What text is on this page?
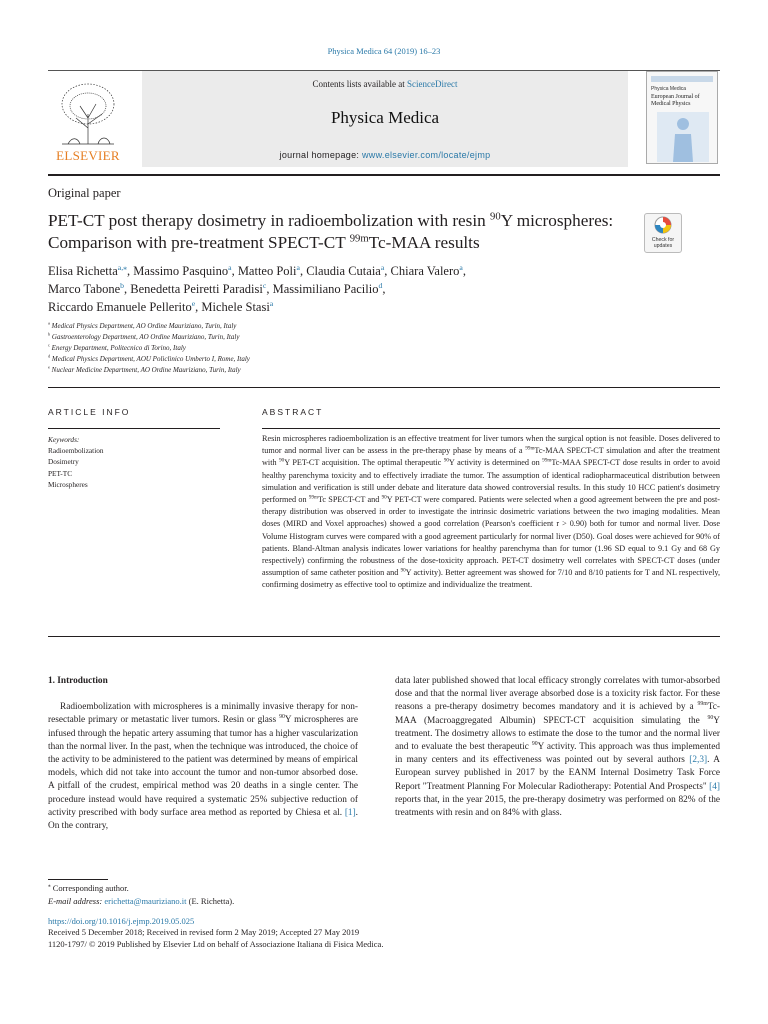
Physica Medica 64 (2019) 16–23
ELSEVIER
Contents lists available at ScienceDirect
Physica Medica
journal homepage: www.elsevier.com/locate/ejmp
Physica Medica
European Journal of Medical Physics
Original paper
PET-CT post therapy dosimetry in radioembolization with resin $^{90}$Y microspheres: Comparison with pre-treatment SPECT-CT $^{99m}$Tc-MAA results	Check for updates
Elisa Richetta$^{a,⁎}$, Massimo Pasquino$^a$, Matteo Poli$^a$, Claudia Cutaia$^a$, Chiara Valero$^a$,
Marco Tabone$^b$, Benedetta Peiretti Paradisi$^c$, Massimiliano Pacilio$^d$,
Riccardo Emanuele Pellerito$^e$, Michele Stasi$^a$
$^a$ Medical Physics Department, AO Ordine Mauriziano, Turin, Italy
$^b$ Gastroenterology Department, AO Ordine Mauriziano, Turin, Italy
$^c$ Energy Department, Politecnico di Torino, Italy
$^d$ Medical Physics Department, AOU Policlinico Umberto I, Rome, Italy
$^e$ Nuclear Medicine Department, AO Ordine Mauriziano, Turin, Italy
ARTICLE INFO	ABSTRACT
Keywords:
Radioembolization
Dosimetry
PET-TC
Microspheres
Resin microspheres radioembolization is an effective treatment for liver tumors when the surgical option is not feasible. Doses delivered to tumor and normal liver can be assess in the pre-therapy phase by means of a $^{99m}$Tc-MAA SPECT-CT simulation and after the treatment with $^{90}$Y PET-CT acquisition. The optimal therapeutic $^{90}$Y activity is determined on $^{99m}$Tc-MAA SPECT-CT dose results in order to avoid healthy parenchyma toxicity and to effectively irradiate the tumor. The assumption of identical radiopharmaceutical distribution between simulation and verification is still under debate and literature data showed controversial results. In this study 10 HCC patient's dosimetry performed on $^{99m}$Tc SPECT-CT and $^{90}$Y PET-CT were compared. Patients were selected when a good agreement between the pre and post-therapy distribution was observed in order to investigate the intrinsic dosimetric variations between the two imaging modalities. Mean doses (MIRD and Voxel approaches) showed a good correlation (Pearson's coefficient r > 0.90) both for tumor and normal liver. Dose Volume Histogram curves were compared with a good agreement particularly for normal liver (D50). Goal doses were achieved for 90% of patients. Bland-Altman analysis indicates lower variations for healthy parenchyma than for tumor (1.96 SD equal to 9.1 Gy and 68 Gy respectively) confirming the robustness of the dose-toxicity approach. PET-CT dosimetry well correlates with SPECT-CT doses (under assumption of same catheter position and $^{90}$Y activity). Better agreement was showed for 7/10 and 8/10 patients for T and NL respectively, confirming dosimetry as effective tool to optimize and individualize the treatment.
1. Introduction

Radioembolization with microspheres is a minimally invasive therapy for non-resectable primary or metastatic liver tumors. Resin or glass $^{90}$Y microspheres are infused through the hepatic artery assuming that tumor has a higher vascularization than the normal liver. In the past, when the technique was introduced, the choice of the activity to be administered to the patient was determined by means of empirical models, which did not take into account the tumor and non-tumor absorbed dose. A pitfall of the crudest, empirical method was 20 deaths in a single center. The procedure instead would have required a systematic 25% subjective reduction of activity prescribed with body surface area method as reported by Chiesa et al. [1]. On the contrary,

data later published showed that local efficacy strongly correlates with tumor-absorbed dose and that the normal liver average absorbed dose is a toxicity risk factor. For these reasons a pre-therapy dosimetry becomes mandatory and it is achieved by a $^{99m}$Tc-MAA (Macroaggregated Albumin) SPECT-CT acquisition simulating the $^{90}$Y treatment. The dosimetry allows to estimate the dose to the tumor and the normal liver and to evaluate the best therapeutic $^{90}$Y activity. This approach was thus implemented in many centers and its effectiveness was pointed out by several authors [2,3]. A European survey published in 2017 by the EANM Internal Dosimetry Task Force Report "Treatment Planning For Molecular Radiotherapy: Potential And Prospects" [4] reports that, in the year 2015, the pre-therapy dosimetry was performed on 82% of the treatments with resin and on 84% with glass.
⁎ Corresponding author.
E-mail address: erichetta@mauriziano.it (E. Richetta).
https://doi.org/10.1016/j.ejmp.2019.05.025
Received 5 December 2018; Received in revised form 2 May 2019; Accepted 27 May 2019
1120-1797/ © 2019 Published by Elsevier Ltd on behalf of Associazione Italiana di Fisica Medica.
